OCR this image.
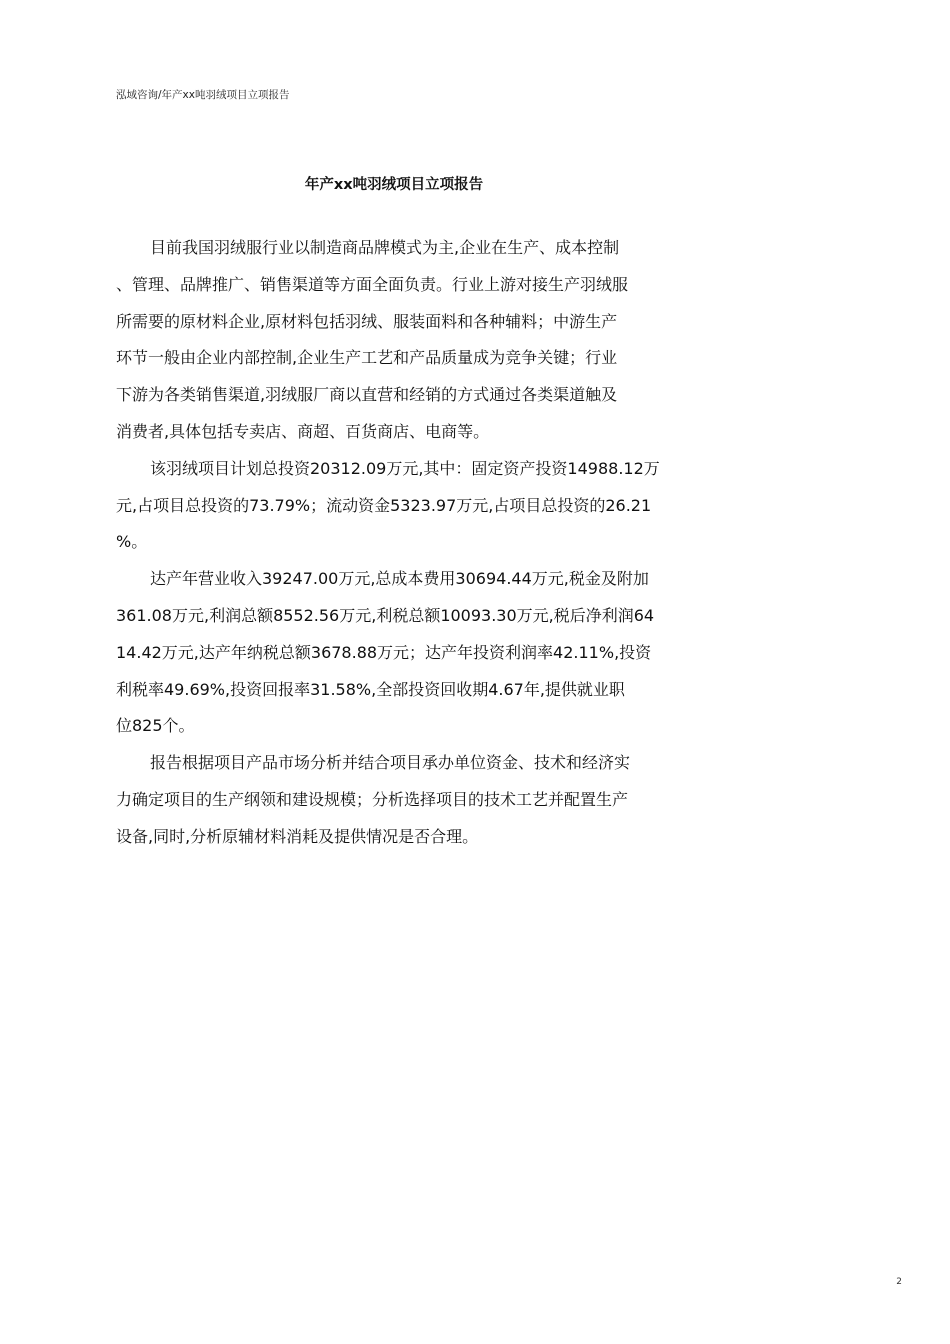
泓域咨询/年产xx吨羽绒项目立项报告
年产xx吨羽绒项目立项报告
目前我国羽绒服行业以制造商品牌模式为主,企业在生产、成本控制
、管理、品牌推广、销售渠道等方面全面负责。行业上游对接生产羽绒服
所需要的原材料企业,原材料包括羽绒、服装面料和各种辅料；中游生产
环节一般由企业内部控制,企业生产工艺和产品质量成为竞争关键；行业
下游为各类销售渠道,羽绒服厂商以直营和经销的方式通过各类渠道触及
消费者,具体包括专卖店、商超、百货商店、电商等。
该羽绒项目计划总投资20312.09万元,其中：固定资产投资14988.12万
元,占项目总投资的73.79%；流动资金5323.97万元,占项目总投资的26.21
%。
达产年营业收入39247.00万元,总成本费用30694.44万元,税金及附加
361.08万元,利润总额8552.56万元,利税总额10093.30万元,税后净利润64
14.42万元,达产年纳税总额3678.88万元；达产年投资利润率42.11%,投资
利税率49.69%,投资回报率31.58%,全部投资回收期4.67年,提供就业职
位825个。
报告根据项目产品市场分析并结合项目承办单位资金、技术和经济实
力确定项目的生产纲领和建设规模；分析选择项目的技术工艺并配置生产
设备,同时,分析原辅材料消耗及提供情况是否合理。
2
